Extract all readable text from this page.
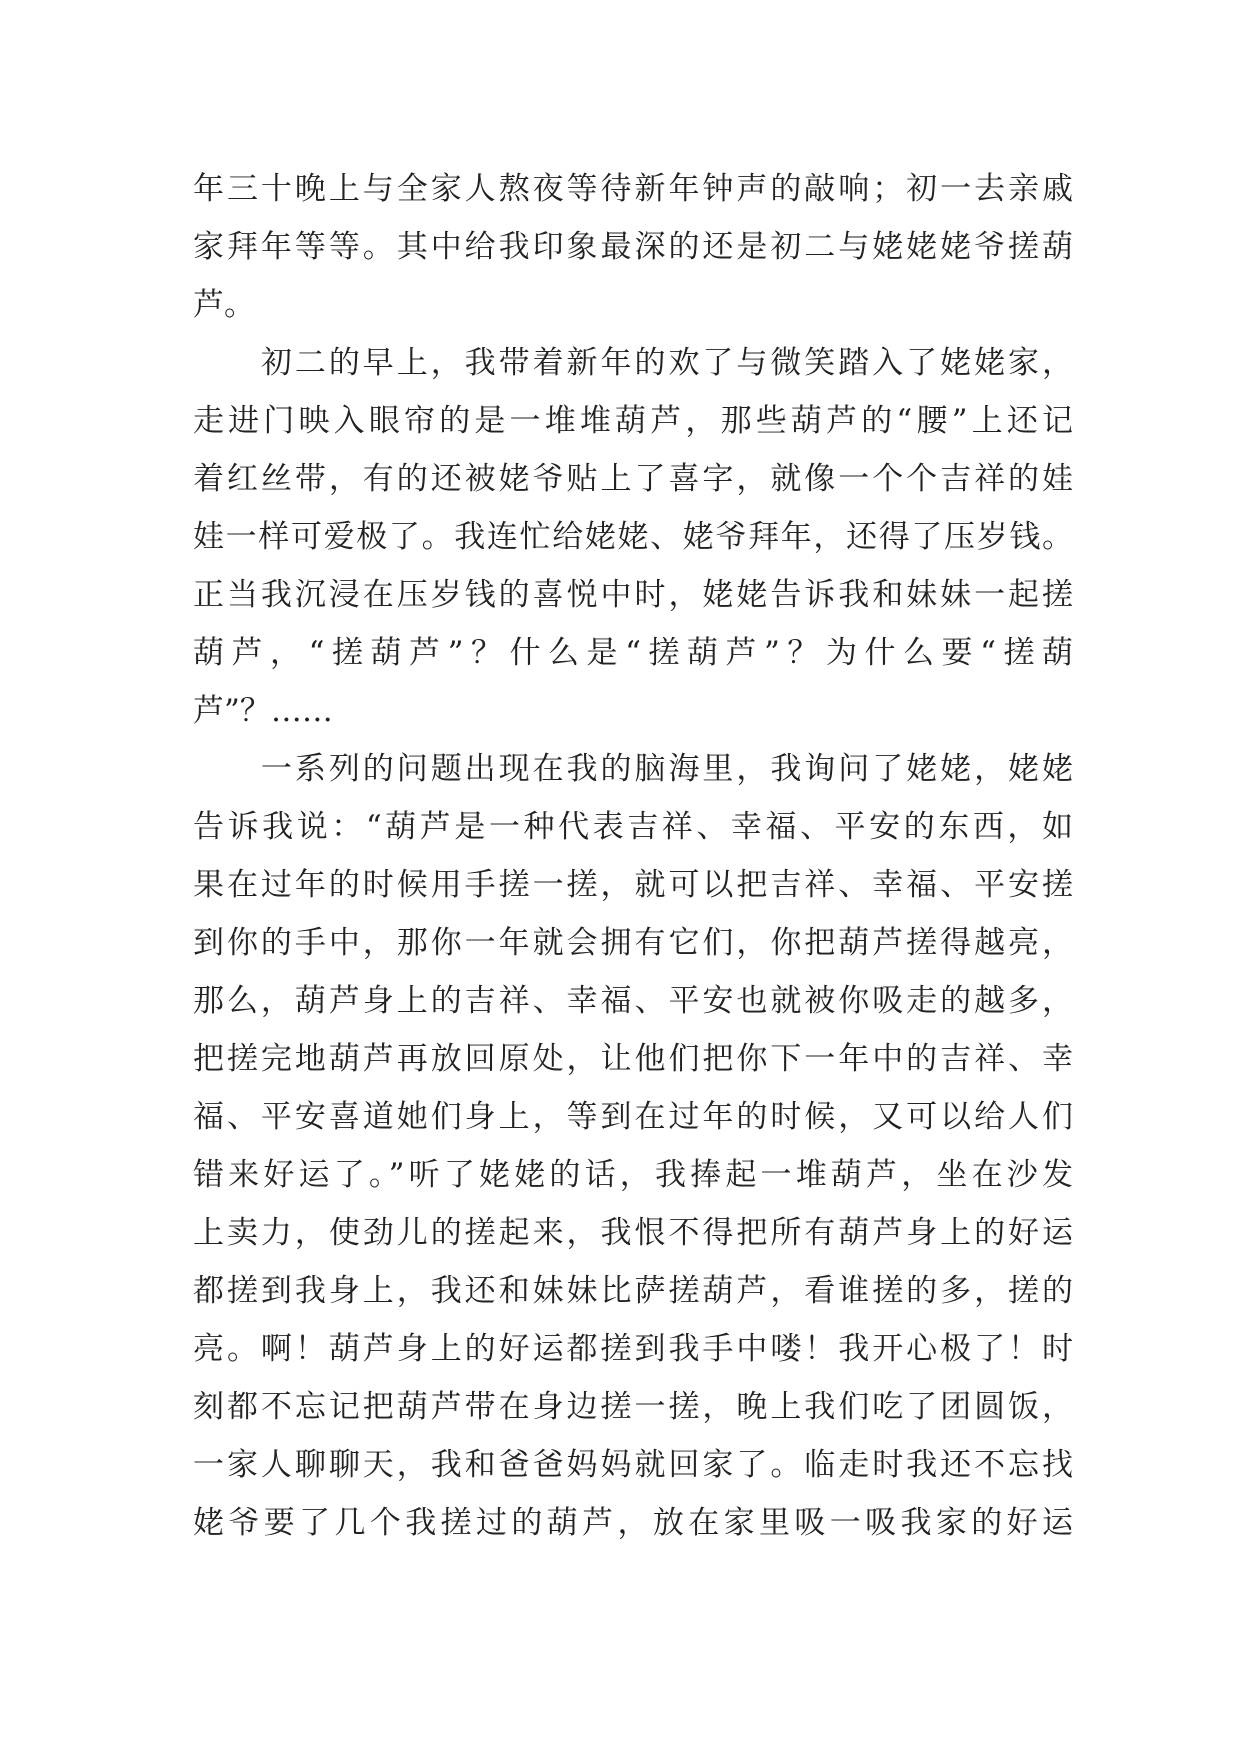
年三十晚上与全家人熬夜等待新年钟声的敲响；初一去亲戚
家拜年等等。其中给我印象最深的还是初二与姥姥姥爷搓葫
芦。
　　初二的早上，我带着新年的欢了与微笑踏入了姥姥家，
走进门映入眼帘的是一堆堆葫芦，那些葫芦的“腰”上还记
着红丝带，有的还被姥爷贴上了喜字，就像一个个吉祥的娃
娃一样可爱极了。我连忙给姥姥、姥爷拜年，还得了压岁钱。
正当我沉浸在压岁钱的喜悦中时，姥姥告诉我和妹妹一起搓
葫芦，“搓葫芦”？什么是“搓葫芦”？为什么要“搓葫
芦”？……
　　一系列的问题出现在我的脑海里，我询问了姥姥，姥姥
告诉我说：“葫芦是一种代表吉祥、幸福、平安的东西，如
果在过年的时候用手搓一搓，就可以把吉祥、幸福、平安搓
到你的手中，那你一年就会拥有它们，你把葫芦搓得越亮，
那么，葫芦身上的吉祥、幸福、平安也就被你吸走的越多，
把搓完地葫芦再放回原处，让他们把你下一年中的吉祥、幸
福、平安喜道她们身上，等到在过年的时候，又可以给人们
错来好运了。”听了姥姥的话，我捧起一堆葫芦，坐在沙发
上卖力，使劲儿的搓起来，我恨不得把所有葫芦身上的好运
都搓到我身上，我还和妹妹比萨搓葫芦，看谁搓的多，搓的
亮。啊！葫芦身上的好运都搓到我手中喽！我开心极了！时
刻都不忘记把葫芦带在身边搓一搓，晚上我们吃了团圆饭，
一家人聊聊天，我和爸爸妈妈就回家了。临走时我还不忘找
姥爷要了几个我搓过的葫芦，放在家里吸一吸我家的好运
